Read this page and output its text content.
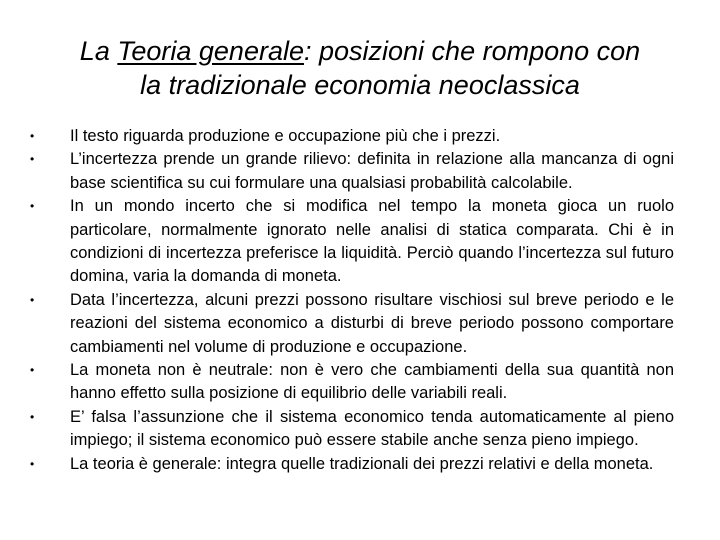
La Teoria generale: posizioni che rompono con
la tradizionale economia neoclassica
• Il testo riguarda produzione e occupazione più che i prezzi.
• L’incertezza prende un grande rilievo: definita in relazione alla mancanza di ogni base scientifica su cui formulare una qualsiasi probabilità calcolabile.
• In un mondo incerto che si modifica nel tempo la moneta gioca un ruolo particolare, normalmente ignorato nelle analisi di statica comparata. Chi è in condizioni di incertezza preferisce la liquidità. Perciò quando l’incertezza sul futuro domina, varia la domanda di moneta.
• Data l’incertezza, alcuni prezzi possono risultare vischiosi sul breve periodo e le reazioni del sistema economico a disturbi di breve periodo possono comportare cambiamenti nel volume di produzione e occupazione.
• La moneta non è neutrale: non è vero che cambiamenti della sua quantità non hanno effetto sulla posizione di equilibrio delle variabili reali.
• E’ falsa l’assunzione che il sistema economico tenda automaticamente al pieno impiego; il sistema economico può essere stabile anche senza pieno impiego.
• La teoria è generale: integra quelle tradizionali dei prezzi relativi e della moneta.
